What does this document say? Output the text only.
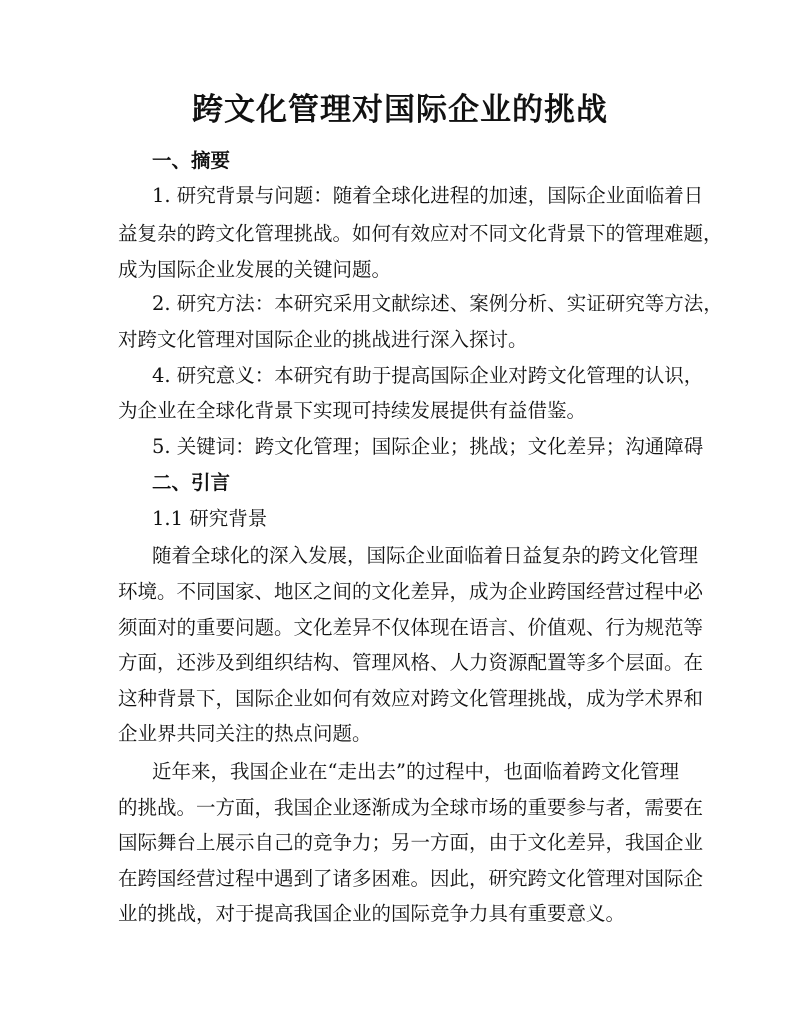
跨文化管理对国际企业的挑战

一、摘要

1. 研究背景与问题：随着全球化进程的加速，国际企业面临着日

益复杂的跨文化管理挑战。如何有效应对不同文化背景下的管理难题，

成为国际企业发展的关键问题。

2. 研究方法：本研究采用文献综述、案例分析、实证研究等方法，

对跨文化管理对国际企业的挑战进行深入探讨。

4. 研究意义：本研究有助于提高国际企业对跨文化管理的认识，

为企业在全球化背景下实现可持续发展提供有益借鉴。

5. 关键词：跨文化管理；国际企业；挑战；文化差异；沟通障碍

二、引言

1.1 研究背景

随着全球化的深入发展，国际企业面临着日益复杂的跨文化管理

环境。不同国家、地区之间的文化差异，成为企业跨国经营过程中必

须面对的重要问题。文化差异不仅体现在语言、价值观、行为规范等

方面，还涉及到组织结构、管理风格、人力资源配置等多个层面。在

这种背景下，国际企业如何有效应对跨文化管理挑战，成为学术界和

企业界共同关注的热点问题。

近年来，我国企业在“走出去”的过程中，也面临着跨文化管理

的挑战。一方面，我国企业逐渐成为全球市场的重要参与者，需要在

国际舞台上展示自己的竞争力；另一方面，由于文化差异，我国企业

在跨国经营过程中遇到了诸多困难。因此，研究跨文化管理对国际企

业的挑战，对于提高我国企业的国际竞争力具有重要意义。
